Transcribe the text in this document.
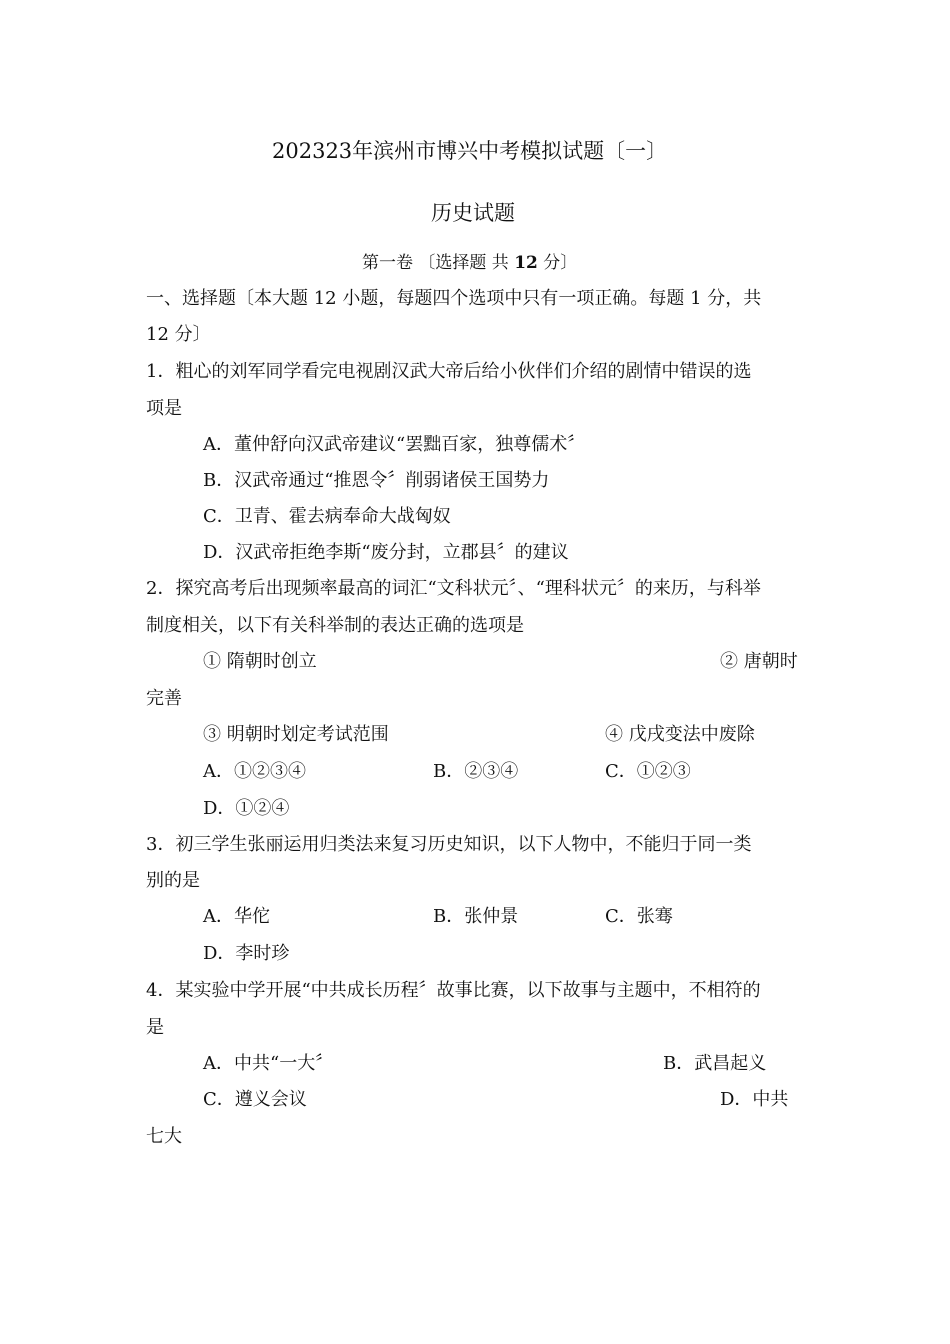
202323年滨州市博兴中考模拟试题〔一〕
历史试题
第一卷 〔选择题 共 12 分〕
一、选择题〔本大题 12 小题，每题四个选项中只有一项正确。每题 1 分，共
12 分〕
1．粗心的刘军同学看完电视剧汉武大帝后给小伙伴们介绍的剧情中错误的选
项是
A．董仲舒向汉武帝建议“罢黜百家，独尊儒术〞
B．汉武帝通过“推恩令〞削弱诸侯王国势力
C．卫青、霍去病奉命大战匈奴
D．汉武帝拒绝李斯“废分封，立郡县〞的建议
2．探究高考后出现频率最高的词汇“文科状元〞、“理科状元〞的来历，与科举
制度相关，以下有关科举制的表达正确的选项是
① 隋朝时创立	② 唐朝时
完善
③ 明朝时划定考试范围	④ 戊戌变法中废除
A．①②③④	B．②③④	C．①②③
D．①②④
3．初三学生张丽运用归类法来复习历史知识，以下人物中，不能归于同一类
别的是
A．华佗	B．张仲景	C．张骞
D．李时珍
4．某实验中学开展“中共成长历程〞故事比赛，以下故事与主题中，不相符的
是
A．中共“一大〞	B．武昌起义
C．遵义会议	D．中共
七大
